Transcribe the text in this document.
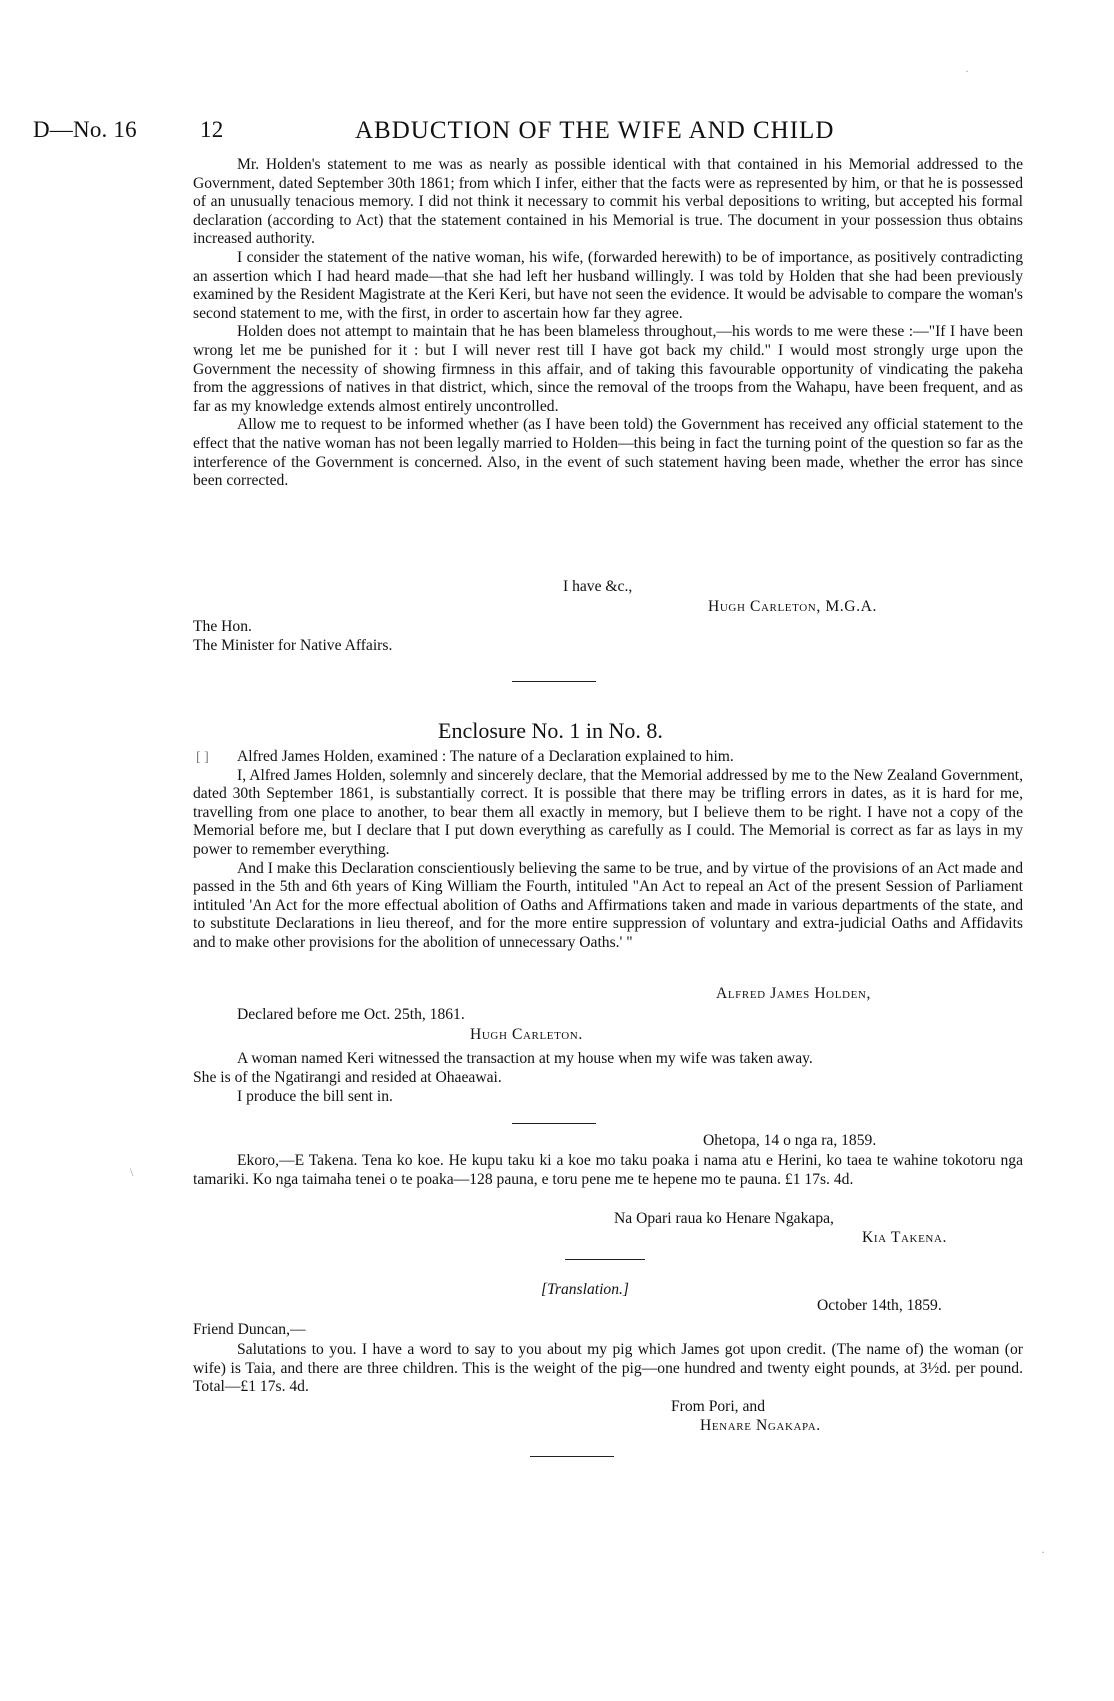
D—No. 16	12	ABDUCTION OF THE WIFE AND CHILD

Mr. Holden's statement to me was as nearly as possible identical with that contained in his Memorial addressed to the Government, dated September 30th 1861; from which I infer, either that the facts were as represented by him, or that he is possessed of an unusually tenacious memory. I did not think it necessary to commit his verbal depositions to writing, but accepted his formal declaration (according to Act) that the statement contained in his Memorial is true. The document in your possession thus obtains increased authority.

I consider the statement of the native woman, his wife, (forwarded herewith) to be of importance, as positively contradicting an assertion which I had heard made—that she had left her husband willingly. I was told by Holden that she had been previously examined by the Resident Magistrate at the Keri Keri, but have not seen the evidence. It would be advisable to compare the woman's second statement to me, with the first, in order to ascertain how far they agree.

Holden does not attempt to maintain that he has been blameless throughout,—his words to me were these :—"If I have been wrong let me be punished for it : but I will never rest till I have got back my child." I would most strongly urge upon the Government the necessity of showing firmness in this affair, and of taking this favourable opportunity of vindicating the pakeha from the aggressions of natives in that district, which, since the removal of the troops from the Wahapu, have been frequent, and as far as my knowledge extends almost entirely uncontrolled.

Allow me to request to be informed whether (as I have been told) the Government has received any official statement to the effect that the native woman has not been legally married to Holden—this being in fact the turning point of the question so far as the interference of the Government is concerned. Also, in the event of such statement having been made, whether the error has since been corrected.

I have &c.,
Hugh Carleton, M.G.A.
The Hon.
The Minister for Native Affairs.
[ ]
Enclosure No. 1 in No. 8.

Alfred James Holden, examined : The nature of a Declaration explained to him.

I, Alfred James Holden, solemnly and sincerely declare, that the Memorial addressed by me to the New Zealand Government, dated 30th September 1861, is substantially correct. It is possible that there may be trifling errors in dates, as it is hard for me, travelling from one place to another, to bear them all exactly in memory, but I believe them to be right. I have not a copy of the Memorial before me, but I declare that I put down everything as carefully as I could. The Memorial is correct as far as lays in my power to remember everything.

And I make this Declaration conscientiously believing the same to be true, and by virtue of the provisions of an Act made and passed in the 5th and 6th years of King William the Fourth, intituled "An Act to repeal an Act of the present Session of Parliament intituled 'An Act for the more effectual abolition of Oaths and Affirmations taken and made in various departments of the state, and to substitute Declarations in lieu thereof, and for the more entire suppression of voluntary and extra-judicial Oaths and Affidavits and to make other provisions for the abolition of unnecessary Oaths.' "

Alfred James Holden,
Declared before me Oct. 25th, 1861.
Hugh Carleton.
A woman named Keri witnessed the transaction at my house when my wife was taken away.
She is of the Ngatirangi and resided at Ohaeawai.
I produce the bill sent in.
Ohetopa, 14 o nga ra, 1859.

Ekoro,—E Takena. Tena ko koe. He kupu taku ki a koe mo taku poaka i nama atu e Herini, ko taea te wahine tokotoru nga tamariki. Ko nga taimaha tenei o te poaka—128 pauna, e toru pene me te hepene mo te pauna. £1 17s. 4d.

Na Opari raua ko Henare Ngakapa,
Kia Takena.
[Translation.]
October 14th, 1859.
Friend Duncan,—

Salutations to you. I have a word to say to you about my pig which James got upon credit. (The name of) the woman (or wife) is Taia, and there are three children. This is the weight of the pig—one hundred and twenty eight pounds, at 3½d. per pound. Total—£1 17s. 4d.

From Pori, and
Henare Ngakapa.
·
\
·
